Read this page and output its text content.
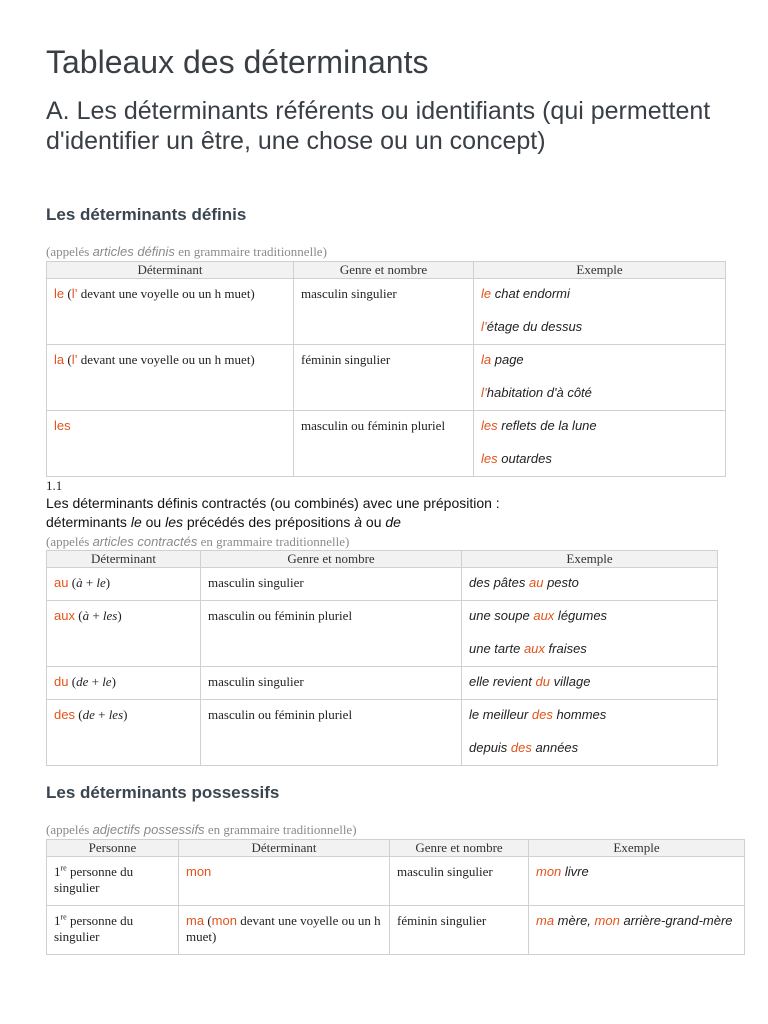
Tableaux des déterminants
A. Les déterminants référents ou identifiants (qui permettent d'identifier un être, une chose ou un concept)
Les déterminants définis
(appelés articles définis en grammaire traditionnelle)
Déterminant	Genre et nombre	Exemple
le (l’ devant une voyelle ou un h muet)	masculin singulier	le chat endormi

l’étage du dessus

la (l’ devant une voyelle ou un h muet)	féminin singulier	la page

l’habitation d'à côté

les	masculin ou féminin pluriel	les reflets de la lune

les outardes

1.1
Les déterminants définis contractés (ou combinés) avec une préposition :
déterminants le ou les précédés des prépositions à ou de
(appelés articles contractés en grammaire traditionnelle)
Déterminant	Genre et nombre	Exemple
au (à + le)	masculin singulier	des pâtes au pesto

aux (à + les)	masculin ou féminin pluriel	une soupe aux légumes

une tarte aux fraises

du (de + le)	masculin singulier	elle revient du village

des (de + les)	masculin ou féminin pluriel	le meilleur des hommes

depuis des années

Les déterminants possessifs
(appelés adjectifs possessifs en grammaire traditionnelle)
Personne	Déterminant	Genre et nombre	Exemple
1re personne du singulier	mon	masculin singulier	mon livre

1re personne du singulier	ma (mon devant une voyelle ou un h muet)	féminin singulier	ma mère, mon arrière-grand-mère
